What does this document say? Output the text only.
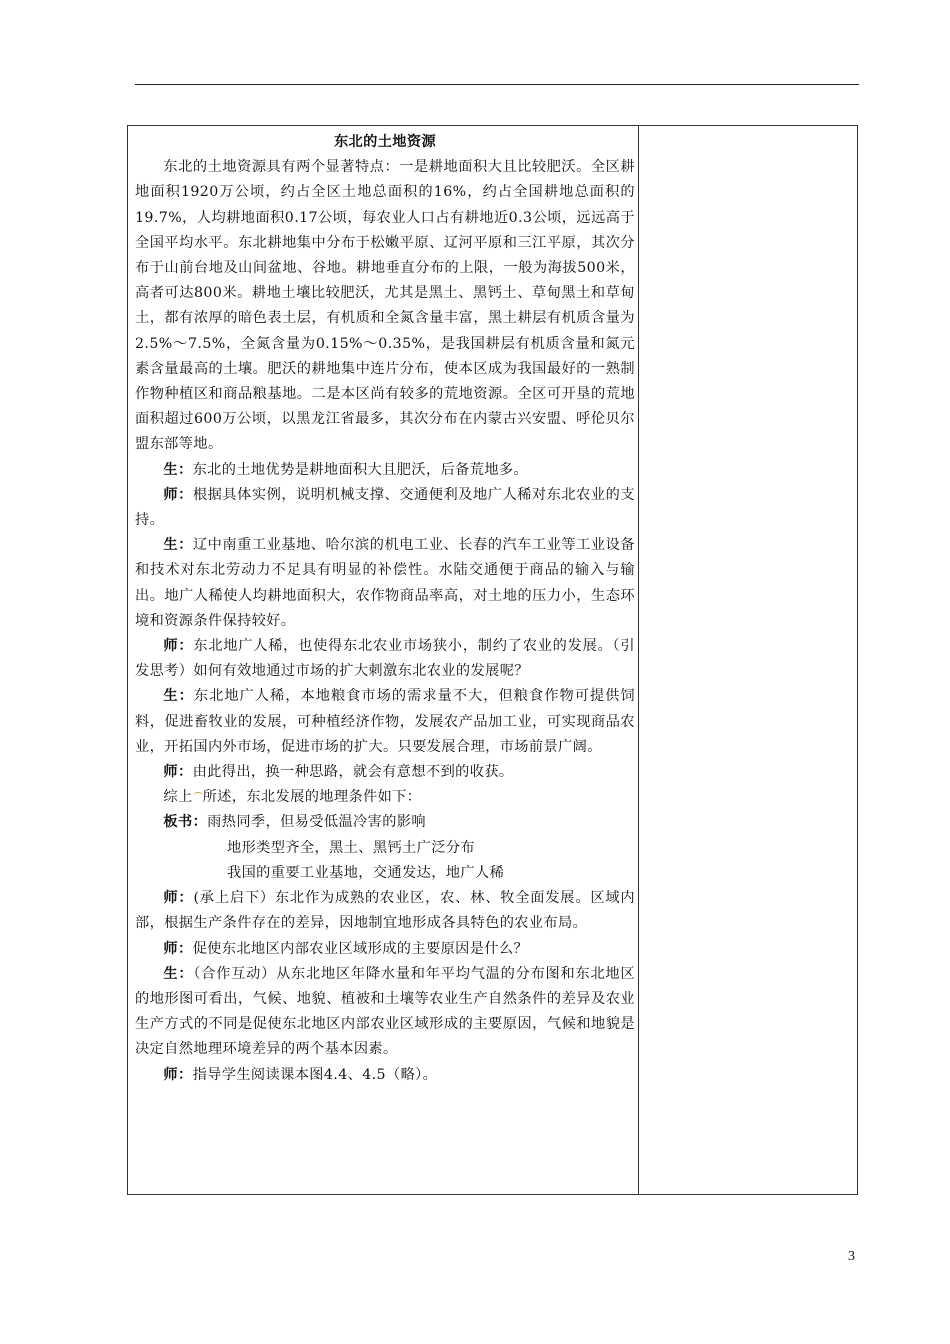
东北的土地资源

东北的土地资源具有两个显著特点：一是耕地面积大且比较肥沃。全区耕地面积1920万公顷，约占全区土地总面积的16%，约占全国耕地总面积的19.7%，人均耕地面积0.17公顷，每农业人口占有耕地近0.3公顷，远远高于全国平均水平。东北耕地集中分布于松嫩平原、辽河平原和三江平原，其次分布于山前台地及山间盆地、谷地。耕地垂直分布的上限，一般为海拔500米，高者可达800米。耕地土壤比较肥沃，尤其是黑土、黑钙土、草甸黑土和草甸土，都有浓厚的暗色表土层，有机质和全氮含量丰富，黑土耕层有机质含量为2.5%～7.5%，全氮含量为0.15%～0.35%，是我国耕层有机质含量和氮元素含量最高的土壤。肥沃的耕地集中连片分布，使本区成为我国最好的一熟制作物种植区和商品粮基地。二是本区尚有较多的荒地资源。全区可开垦的荒地面积超过600万公顷，以黑龙江省最多，其次分布在内蒙古兴安盟、呼伦贝尔盟东部等地。

生：东北的土地优势是耕地面积大且肥沃，后备荒地多。

师：根据具体实例，说明机械支撑、交通便利及地广人稀对东北农业的支持。

生：辽中南重工业基地、哈尔滨的机电工业、长春的汽车工业等工业设备和技术对东北劳动力不足具有明显的补偿性。水陆交通便于商品的输入与输出。地广人稀使人均耕地面积大，农作物商品率高，对土地的压力小，生态环境和资源条件保持较好。

师：东北地广人稀，也使得东北农业市场狭小，制约了农业的发展。（引发思考）如何有效地通过市场的扩大刺激东北农业的发展呢？

生：东北地广人稀，本地粮食市场的需求量不大，但粮食作物可提供饲料，促进畜牧业的发展，可种植经济作物，发展农产品加工业，可实现商品农业，开拓国内外市场，促进市场的扩大。只要发展合理，市场前景广阔。

师：由此得出，换一种思路，就会有意想不到的收获。

综上 所述，东北发展的地理条件如下：

板书：雨热同季，但易受低温冷害的影响

地形类型齐全，黑土、黑钙土广泛分布
我国的重要工业基地，交通发达，地广人稀

师：(承上启下）东北作为成熟的农业区，农、林、牧全面发展。区域内部，根据生产条件存在的差异，因地制宜地形成各具特色的农业布局。

师：促使东北地区内部农业区域形成的主要原因是什么？

生：（合作互动）从东北地区年降水量和年平均气温的分布图和东北地区的地形图可看出，气候、地貌、植被和土壤等农业生产自然条件的差异及农业生产方式的不同是促使东北地区内部农业区域形成的主要原因，气候和地貌是决定自然地理环境差异的两个基本因素。

师：指导学生阅读课本图4.4、4.5（略）。

3
